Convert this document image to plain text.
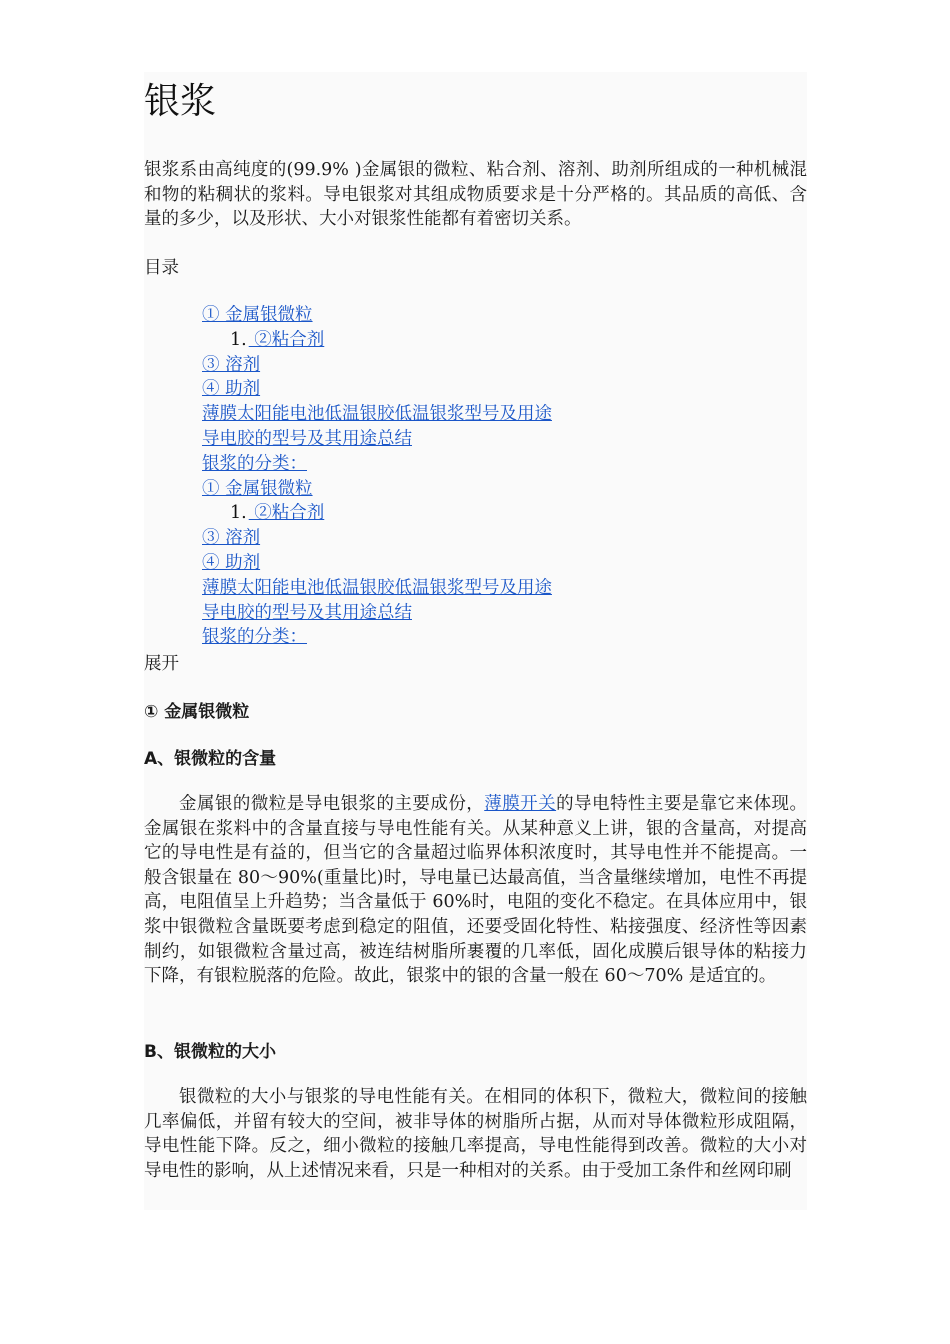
银浆

银浆系由高纯度的(99.9% )金属银的微粒、粘合剂、溶剂、助剂所组成的一种机械混和物的粘稠状的浆料。导电银浆对其组成物质要求是十分严格的。其品质的高低、含量的多少，以及形状、大小对银浆性能都有着密切关系。

目录
① 金属银微粒
1. ②粘合剂
③ 溶剂
④ 助剂
薄膜太阳能电池低温银胶低温银浆型号及用途
导电胶的型号及其用途总结
银浆的分类：
① 金属银微粒
1. ②粘合剂
③ 溶剂
④ 助剂
薄膜太阳能电池低温银胶低温银浆型号及用途
导电胶的型号及其用途总结
银浆的分类：
展开
① 金属银微粒
A、银微粒的含量

金属银的微粒是导电银浆的主要成份，薄膜开关的导电特性主要是靠它来体现。金属银在浆料中的含量直接与导电性能有关。从某种意义上讲，银的含量高，对提高它的导电性是有益的，但当它的含量超过临界体积浓度时，其导电性并不能提高。一般含银量在 80～90%(重量比)时，导电量已达最高值，当含量继续增加，电性不再提高，电阻值呈上升趋势；当含量低于 60%时，电阻的变化不稳定。在具体应用中，银浆中银微粒含量既要考虑到稳定的阻值，还要受固化特性、粘接强度、经济性等因素制约，如银微粒含量过高，被连结树脂所裹覆的几率低，固化成膜后银导体的粘接力下降，有银粒脱落的危险。故此，银浆中的银的含量一般在 60～70% 是适宜的。

B、银微粒的大小

银微粒的大小与银浆的导电性能有关。在相同的体积下，微粒大，微粒间的接触几率偏低，并留有较大的空间，被非导体的树脂所占据，从而对导体微粒形成阻隔，导电性能下降。反之，细小微粒的接触几率提高，导电性能得到改善。微粒的大小对导电性的影响，从上述情况来看，只是一种相对的关系。由于受加工条件和丝网印刷
